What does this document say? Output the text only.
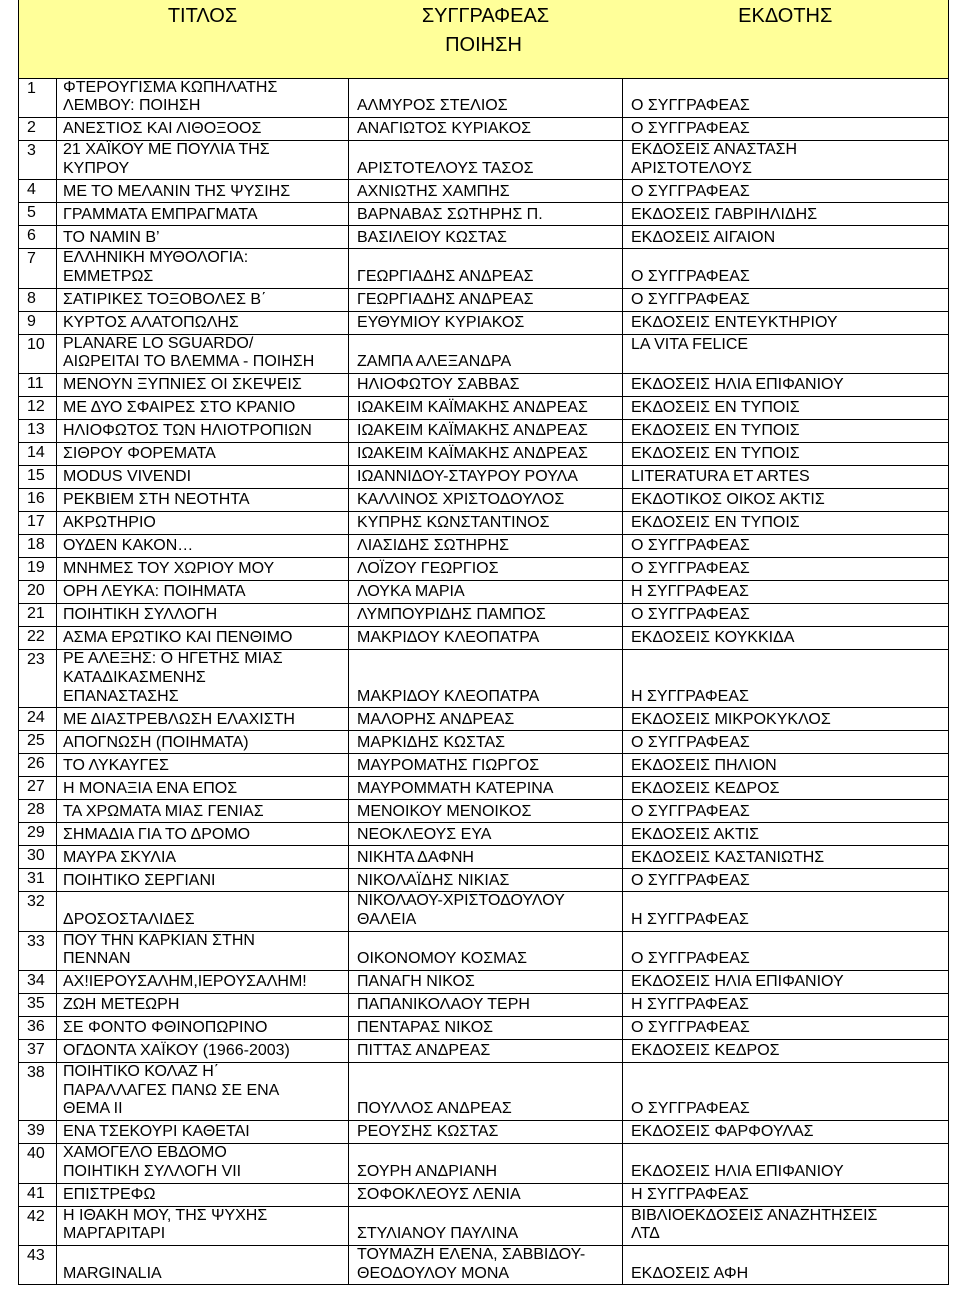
	ΤΙΤΛΟΣ	ΣΥΓΓΡΑΦΕΑΣ	ΕΚΔΟΤΗΣ
ΠΟΙΗΣΗ			

1	ΦΤΕΡΟΥΓΙΣΜΑ ΚΩΠΗΛΑΤΗΣ
ΛΕΜΒΟΥ: ΠΟΙΗΣΗ	ΑΛΜΥΡΟΣ ΣΤΕΛΙΟΣ	Ο ΣΥΓΓΡΑΦΕΑΣ
2	ΑΝΕΣΤΙΟΣ ΚΑΙ ΛΙΘΟΞΟΟΣ	ΑΝΑΓΙΩΤΟΣ ΚΥΡΙΑΚΟΣ	Ο ΣΥΓΓΡΑΦΕΑΣ
3	21 ΧΑΪΚΟΥ ΜΕ ΠΟΥΛΙΑ ΤΗΣ
ΚΥΠΡΟΥ	ΑΡΙΣΤΟΤΕΛΟΥΣ ΤΑΣΟΣ	ΕΚΔΟΣΕΙΣ ΑΝΑΣΤΑΣΗ
ΑΡΙΣΤΟΤΕΛΟΥΣ
4	ΜΕ ΤΟ ΜΕΛΑΝΙΝ ΤΗΣ ΨΥΣΙΗΣ	ΑΧΝΙΩΤΗΣ ΧΑΜΠΗΣ	Ο ΣΥΓΓΡΑΦΕΑΣ
5	ΓΡΑΜΜΑΤΑ ΕΜΠΡΑΓΜΑΤΑ	ΒΑΡΝΑΒΑΣ ΣΩΤΗΡΗΣ Π.	ΕΚΔΟΣΕΙΣ ΓΑΒΡΙΗΛΙΔΗΣ
6	ΤΟ ΝΑΜΙΝ Β’	ΒΑΣΙΛΕΙΟΥ ΚΩΣΤΑΣ	ΕΚΔΟΣΕΙΣ ΑΙΓΑΙΟΝ
7	ΕΛΛΗΝΙΚΗ ΜΥΘΟΛΟΓΙΑ:
ΕΜΜΕΤΡΩΣ	ΓΕΩΡΓΙΑΔΗΣ ΑΝΔΡΕΑΣ	Ο ΣΥΓΓΡΑΦΕΑΣ
8	ΣΑΤΙΡΙΚΕΣ ΤΟΞΟΒΟΛΕΣ Β΄	ΓΕΩΡΓΙΑΔΗΣ ΑΝΔΡΕΑΣ	Ο ΣΥΓΓΡΑΦΕΑΣ
9	ΚΥΡΤΟΣ ΑΛΑΤΟΠΩΛΗΣ	ΕΥΘΥΜΙΟΥ ΚΥΡΙΑΚΟΣ	ΕΚΔΟΣΕΙΣ ΕΝΤΕΥΚΤΗΡΙΟΥ
10	PLANARE LO SGUARDO/
ΑΙΩΡΕΙΤΑΙ ΤΟ ΒΛΕΜΜΑ - ΠΟΙΗΣΗ	ΖΑΜΠΑ ΑΛΕΞΑΝΔΡΑ	LA VITA FELICE
11	ΜΕΝΟΥΝ ΞΥΠΝΙΕΣ ΟΙ ΣΚΕΨΕΙΣ	ΗΛΙΟΦΩΤΟΥ ΣΑΒΒΑΣ	ΕΚΔΟΣΕΙΣ ΗΛΙΑ ΕΠΙΦΑΝΙΟΥ
12	ΜΕ ΔΥΟ ΣΦΑΙΡΕΣ ΣΤΟ ΚΡΑΝΙΟ	ΙΩΑΚΕΙΜ ΚΑΪΜΑΚΗΣ ΑΝΔΡΕΑΣ	ΕΚΔΟΣΕΙΣ ΕΝ ΤΥΠΟΙΣ
13	ΗΛΙΟΦΩΤΟΣ ΤΩΝ ΗΛΙΟΤΡΟΠΙΩΝ	ΙΩΑΚΕΙΜ ΚΑΪΜΑΚΗΣ ΑΝΔΡΕΑΣ	ΕΚΔΟΣΕΙΣ ΕΝ ΤΥΠΟΙΣ
14	ΣΙΘΡΟΥ ΦΟΡΕΜΑΤΑ	ΙΩΑΚΕΙΜ ΚΑΪΜΑΚΗΣ ΑΝΔΡΕΑΣ	ΕΚΔΟΣΕΙΣ ΕΝ ΤΥΠΟΙΣ
15	MODUS VIVENDI	ΙΩΑΝΝΙΔΟΥ-ΣΤΑΥΡΟΥ ΡΟΥΛΑ	LITERATURA ET ARTES
16	ΡΕΚΒΙΕΜ ΣΤΗ ΝΕΟΤΗΤΑ	ΚΑΛΛΙΝΟΣ ΧΡΙΣΤΟΔΟΥΛΟΣ	ΕΚΔΟΤΙΚΟΣ ΟΙΚΟΣ ΑΚΤΙΣ
17	ΑΚΡΩΤΗΡΙΟ	ΚΥΠΡΗΣ ΚΩΝΣΤΑΝΤΙΝΟΣ	ΕΚΔΟΣΕΙΣ ΕΝ ΤΥΠΟΙΣ
18	ΟΥΔΕΝ ΚΑΚΟΝ…	ΛΙΑΣΙΔΗΣ ΣΩΤΗΡΗΣ	Ο ΣΥΓΓΡΑΦΕΑΣ
19	ΜΝΗΜΕΣ ΤΟΥ ΧΩΡΙΟΥ ΜΟΥ	ΛΟΪΖΟΥ ΓΕΩΡΓΙΟΣ	Ο ΣΥΓΓΡΑΦΕΑΣ
20	ΟΡΗ ΛΕΥΚΑ: ΠΟΙΗΜΑΤΑ	ΛΟΥΚΑ ΜΑΡΙΑ	Η ΣΥΓΓΡΑΦΕΑΣ
21	ΠΟΙΗΤΙΚΗ ΣΥΛΛΟΓΗ	ΛΥΜΠΟΥΡΙΔΗΣ ΠΑΜΠΟΣ	Ο ΣΥΓΓΡΑΦΕΑΣ
22	ΑΣΜΑ ΕΡΩΤΙΚΟ ΚΑΙ ΠΕΝΘΙΜΟ	ΜΑΚΡΙΔΟΥ ΚΛΕΟΠΑΤΡΑ	ΕΚΔΟΣΕΙΣ ΚΟΥΚΚΙΔΑ
23	ΡΕ ΑΛΕΞΗΣ: Ο ΗΓΕΤΗΣ ΜΙΑΣ
ΚΑΤΑΔΙΚΑΣΜΕΝΗΣ
ΕΠΑΝΑΣΤΑΣΗΣ	ΜΑΚΡΙΔΟΥ ΚΛΕΟΠΑΤΡΑ	Η ΣΥΓΓΡΑΦΕΑΣ
24	ΜΕ ΔΙΑΣΤΡΕΒΛΩΣΗ ΕΛΑΧΙΣΤΗ	ΜΑΛΟΡΗΣ ΑΝΔΡΕΑΣ	ΕΚΔΟΣΕΙΣ ΜΙΚΡΟΚΥΚΛΟΣ
25	ΑΠΟΓΝΩΣΗ (ΠΟΙΗΜΑΤΑ)	ΜΑΡΚΙΔΗΣ ΚΩΣΤΑΣ	Ο ΣΥΓΓΡΑΦΕΑΣ
26	ΤΟ ΛΥΚΑΥΓΕΣ	ΜΑΥΡΟΜΑΤΗΣ ΓΙΩΡΓΟΣ	ΕΚΔΟΣΕΙΣ ΠΗΛΙΟΝ
27	Η ΜΟΝΑΞΙΑ ΕΝΑ ΕΠΟΣ	ΜΑΥΡΟΜΜΑΤΗ ΚΑΤΕΡΙΝΑ	ΕΚΔΟΣΕΙΣ ΚΕΔΡΟΣ
28	ΤΑ ΧΡΩΜΑΤΑ ΜΙΑΣ ΓΕΝΙΑΣ	ΜΕΝΟΙΚΟΥ ΜΕΝΟΙΚΟΣ	Ο ΣΥΓΓΡΑΦΕΑΣ
29	ΣΗΜΑΔΙΑ ΓΙΑ ΤΟ ΔΡΟΜΟ	ΝΕΟΚΛΕΟΥΣ ΕΥΑ	ΕΚΔΟΣΕΙΣ ΑΚΤΙΣ
30	ΜΑΥΡΑ ΣΚΥΛΙΑ	ΝΙΚΗΤΑ ΔΑΦΝΗ	ΕΚΔΟΣΕΙΣ ΚΑΣΤΑΝΙΩΤΗΣ
31	ΠΟΙΗΤΙΚΟ ΣΕΡΓΙΑΝΙ	ΝΙΚΟΛΑΪΔΗΣ ΝΙΚΙΑΣ	Ο ΣΥΓΓΡΑΦΕΑΣ
32	ΔΡΟΣΟΣΤΑΛΙΔΕΣ	ΝΙΚΟΛΑΟΥ-ΧΡΙΣΤΟΔΟΥΛΟΥ
ΘΑΛΕΙΑ	Η ΣΥΓΓΡΑΦΕΑΣ
33	ΠΟΥ ΤΗΝ ΚΑΡΚΙΑΝ ΣΤΗΝ
ΠΕΝΝΑΝ	ΟΙΚΟΝΟΜΟΥ ΚΟΣΜΑΣ	Ο ΣΥΓΓΡΑΦΕΑΣ
34	ΑΧ!ΙΕΡΟΥΣΑΛΗΜ,ΙΕΡΟΥΣΑΛΗΜ!	ΠΑΝΑΓΗ ΝΙΚΟΣ	ΕΚΔΟΣΕΙΣ ΗΛΙΑ ΕΠΙΦΑΝΙΟΥ
35	ΖΩΗ ΜΕΤΕΩΡΗ	ΠΑΠΑΝΙΚΟΛΑΟΥ ΤΕΡΗ	Η ΣΥΓΓΡΑΦΕΑΣ
36	ΣΕ ΦΟΝΤΟ ΦΘΙΝΟΠΩΡΙΝΟ	ΠΕΝΤΑΡΑΣ ΝΙΚΟΣ	Ο ΣΥΓΓΡΑΦΕΑΣ
37	ΟΓΔΟΝΤΑ ΧΑΪΚΟΥ (1966-2003)	ΠΙΤΤΑΣ ΑΝΔΡΕΑΣ	ΕΚΔΟΣΕΙΣ ΚΕΔΡΟΣ
38	ΠΟΙΗΤΙΚΟ ΚΟΛΑΖ Η΄
ΠΑΡΑΛΛΑΓΕΣ ΠΑΝΩ ΣΕ ΕΝΑ
ΘΕΜΑ ΙΙ	ΠΟΥΛΛΟΣ ΑΝΔΡΕΑΣ	Ο ΣΥΓΓΡΑΦΕΑΣ
39	ΕΝΑ ΤΣΕΚΟΥΡΙ ΚΑΘΕΤΑΙ	ΡΕΟΥΣΗΣ ΚΩΣΤΑΣ	ΕΚΔΟΣΕΙΣ ΦΑΡΦΟΥΛΑΣ
40	ΧΑΜΟΓΕΛΟ ΕΒΔΟΜΟ
ΠΟΙΗΤΙΚΗ ΣΥΛΛΟΓΗ VII	ΣΟΥΡΗ ΑΝΔΡΙΑΝΗ	ΕΚΔΟΣΕΙΣ ΗΛΙΑ ΕΠΙΦΑΝΙΟΥ
41	ΕΠΙΣΤΡΕΦΩ	ΣΟΦΟΚΛΕΟΥΣ ΛΕΝΙΑ	Η ΣΥΓΓΡΑΦΕΑΣ
42	Η ΙΘΑΚΗ ΜΟΥ, ΤΗΣ ΨΥΧΗΣ
ΜΑΡΓΑΡΙΤΑΡΙ	ΣΤΥΛΙΑΝΟΥ ΠΑΥΛΙΝΑ	ΒΙΒΛΙΟΕΚΔΟΣΕΙΣ ΑΝΑΖΗΤΗΣΕΙΣ
ΛΤΔ
43	MARGINALIA	ΤΟΥΜΑΖΗ ΕΛΕΝΑ, ΣΑΒΒΙΔΟΥ-
ΘΕΟΔΟΥΛΟΥ ΜΟΝΑ	ΕΚΔΟΣΕΙΣ ΑΦΗ
